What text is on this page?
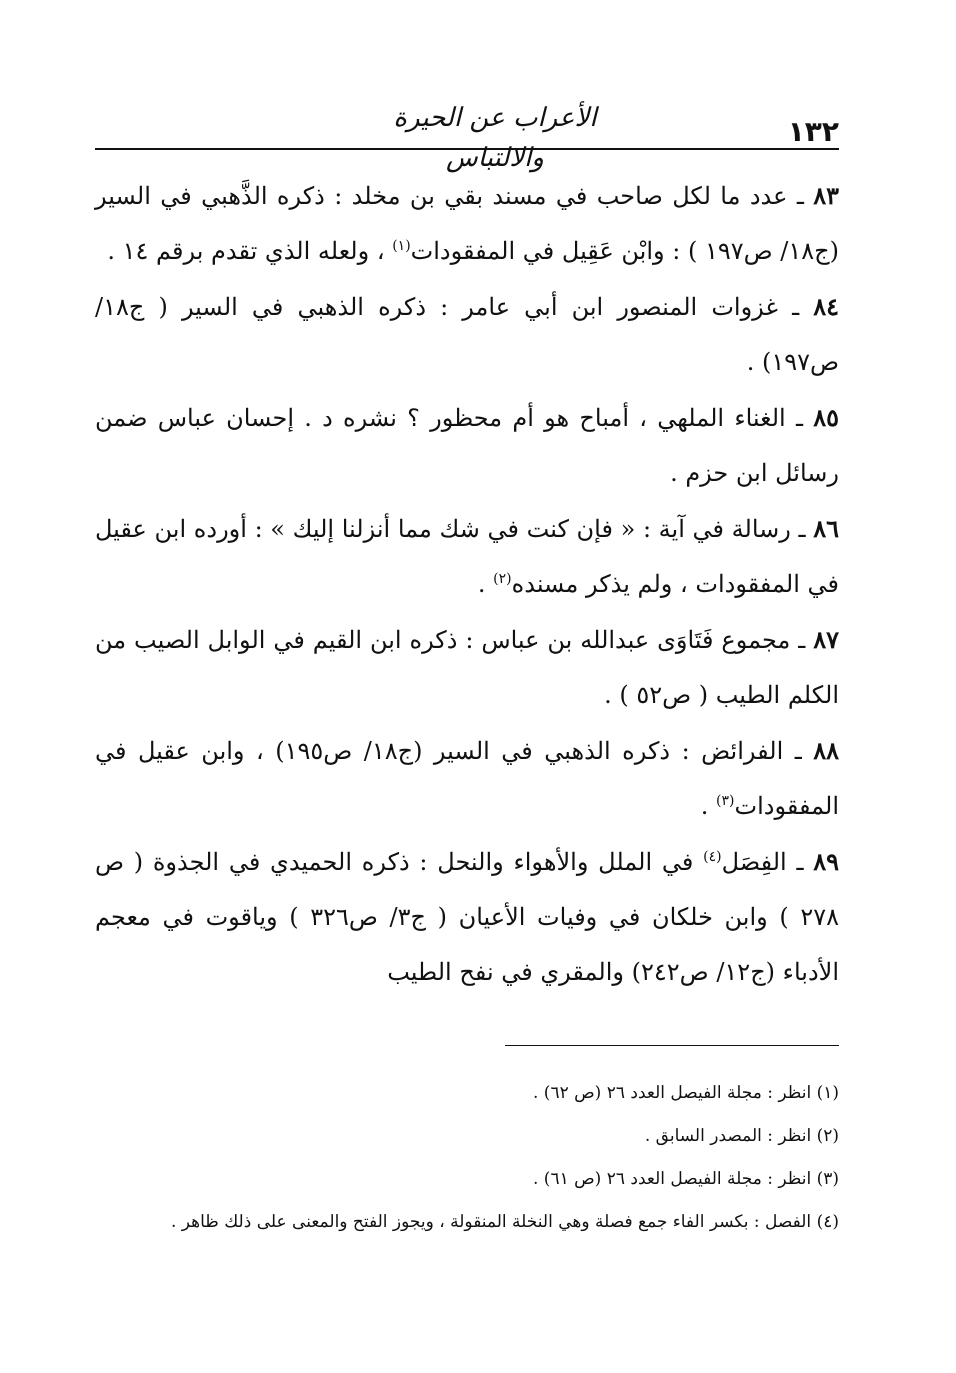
١٣٢
الأعراب عن الحيرة والالتباس

٨٣ ـ عدد ما لكل صاحب في مسند بقي بن مخلد : ذكره الذَّهبي في السير (ج١٨/ ص١٩٧ ) : وابْن عَقِيل في المفقودات$^{(١)}$ ، ولعله الذي تقدم برقم ١٤ .

٨٤ ـ غزوات المنصور ابن أبي عامر : ذكره الذهبي في السير ( ج١٨/ ص١٩٧) .

٨٥ ـ الغناء الملهي ، أمباح هو أم محظور ؟ نشره د . إحسان عباس ضمن رسائل ابن حزم .

٨٦ ـ رسالة في آية : « فإن كنت في شك مما أنزلنا إليك » : أورده ابن عقيل في المفقودات ، ولم يذكر مسنده$^{(٢)}$ .

٨٧ ـ مجموع فَتَاوَى عبدالله بن عباس : ذكره ابن القيم في الوابل الصيب من الكلم الطيب ( ص٥٢ ) .

٨٨ ـ الفرائض : ذكره الذهبي في السير (ج١٨/ ص١٩٥) ، وابن عقيل في المفقودات$^{(٣)}$ .

٨٩ ـ الفِصَل$^{(٤)}$ في الملل والأهواء والنحل : ذكره الحميدي في الجذوة ( ص ٢٧٨ ) وابن خلكان في وفيات الأعيان ( ج٣/ ص٣٢٦ ) وياقوت في معجم الأدباء (ج١٢/ ص٢٤٢) والمقري في نفح الطيب

(١) انظر : مجلة الفيصل العدد ٢٦ (ص ٦٢) .

(٢) انظر : المصدر السابق .

(٣) انظر : مجلة الفيصل العدد ٢٦ (ص ٦١) .

(٤) الفصل : بكسر الفاء جمع فصلة وهي النخلة المنقولة ، ويجوز الفتح والمعنى على ذلك ظاهر .
